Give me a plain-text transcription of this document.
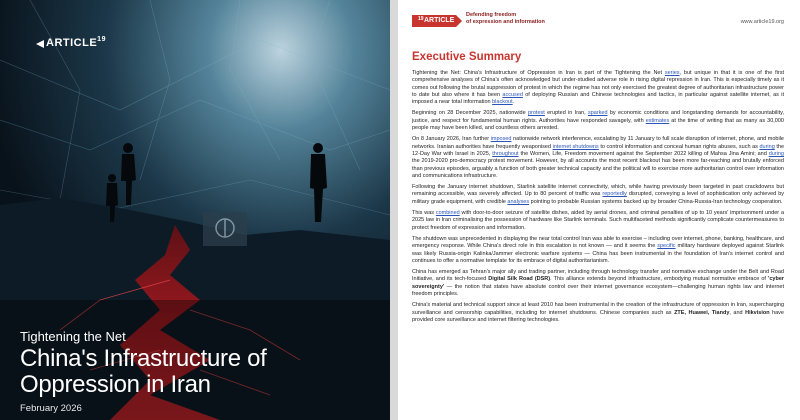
ARTICLE$^{19}$
Tightening the Net
China's Infrastructure of Oppression in Iran
February 2026
ARTICLE
$^{19}$
Defending freedom
of expression and information	www.article19.org
Executive Summary

Tightening the Net: China's Infrastructure of Oppression in Iran is part of the Tightening the Net series, but unique in that it is one of the first comprehensive analyses of China's often acknowledged but under-studied adverse role in rising digital repression in Iran. This is especially timely as it comes out following the brutal suppression of protest in which the regime has not only exercised the greatest degree of authoritarian infrastructure power to date but also where it has been accused of deploying Russian and Chinese technologies and tactics, in particular against satellite internet, as it imposed a near total information blackout.

Beginning on 28 December 2025, nationwide protest erupted in Iran, sparked by economic conditions and longstanding demands for accountability, justice, and respect for fundamental human rights. Authorities have responded savagely, with estimates at the time of writing that as many as 30,000 people may have been killed, and countless others arrested.

On 8 January 2026, Iran further imposed nationwide network interference, escalating by 11 January to full scale disruption of internet, phone, and mobile networks. Iranian authorities have frequently weaponised internet shutdowns to control information and conceal human rights abuses, such as during the 12-Day War with Israel in 2025, throughout the Women, Life, Freedom movement against the September 2022 killing of Mahsa Jina Amini; and during the 2019-2020 pro-democracy protest movement. However, by all accounts the most recent blackout has been more far-reaching and brutally enforced than previous episodes, arguably a function of both greater technical capacity and the political will to exercise more authoritarian control over information and communications infrastructure.

Following the January internet shutdown, Starlink satellite internet connectivity, which, while having previously been targeted in past crackdowns but remaining accessible, was severely affected. Up to 80 percent of traffic was reportedly disrupted, conveying a level of sophistication only achieved by military grade equipment, with credible analyses pointing to probable Russian systems backed up by broader China-Russia-Iran technology cooperation.

This was combined with door-to-door seizure of satellite dishes, aided by aerial drones, and criminal penalties of up to 10 years' imprisonment under a 2025 law in Iran criminalising the possession of hardware like Starlink terminals. Such multifaceted methods significantly complicate countermeasures to protect freedom of expression and information.

The shutdown was unprecedented in displaying the near total control Iran was able to exercise – including over internet, phone, banking, healthcare, and emergency response. While China's direct role in this escalation is not known — and it seems the specific military hardware deployed against Starlink was likely Russia-origin Kalinka/Jammer electronic warfare systems — China has been instrumental in the foundation of Iran's internet control and continues to offer a normative template for its embrace of digital authoritarianism.

China has emerged as Tehran's major ally and trading partner, including through technology transfer and normative exchange under the Belt and Road Initiative, and its tech-focused Digital Silk Road (DSR). This alliance extends beyond infrastructure, embodying mutual normative embrace of 'cyber sovereignty' — the notion that states have absolute control over their internet governance ecosystem—challenging human rights law and internet freedom principles.

China's material and technical support since at least 2010 has been instrumental in the creation of the infrastructure of oppression in Iran, supercharging surveillance and censorship capabilities, including for internet shutdowns. Chinese companies such as ZTE, Huawei, Tiandy, and Hikvision have provided core surveillance and internet filtering technologies.
